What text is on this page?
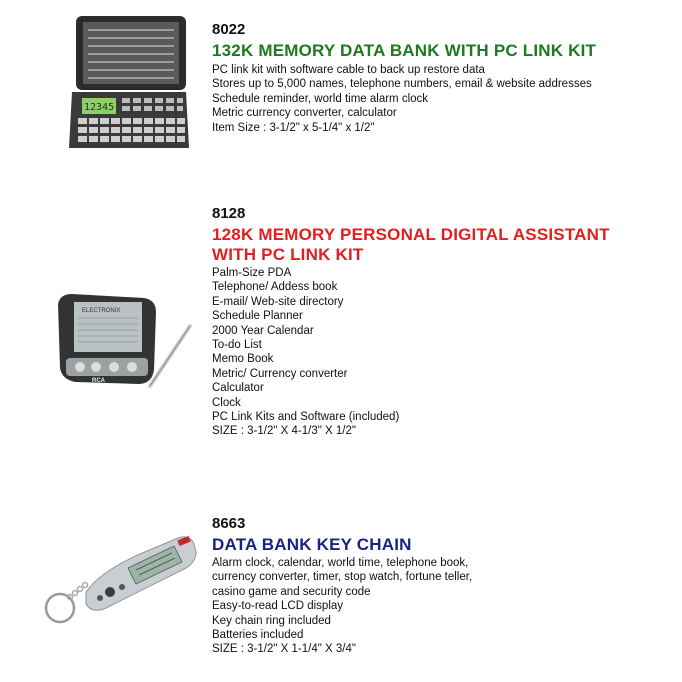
12345

8022

132K MEMORY DATA BANK WITH PC LINK KIT

PC link kit with software cable to back up restore data
Stores up to 5,000 names, telephone numbers, email & website addresses
Schedule reminder, world time alarm clock
Metric currency converter, calculator
Item Size : 3-1/2" x 5-1/4" x 1/2"
ELECTRONIX
RCA

8128

128K MEMORY PERSONAL DIGITAL ASSISTANT

WITH PC LINK KIT

Palm-Size PDA
Telephone/ Addess book
E-mail/ Web-site directory
Schedule Planner
2000 Year Calendar
To-do List
Memo Book
Metric/ Currency converter
Calculator
Clock
PC Link Kits and Software (included)
SIZE : 3-1/2" X 4-1/3" X 1/2"

8663

DATA BANK KEY CHAIN

Alarm clock, calendar, world time, telephone book,
currency converter, timer, stop watch, fortune teller,
casino game and security code
Easy-to-read LCD display
Key chain ring included
Batteries included
SIZE : 3-1/2" X 1-1/4" X 3/4"
